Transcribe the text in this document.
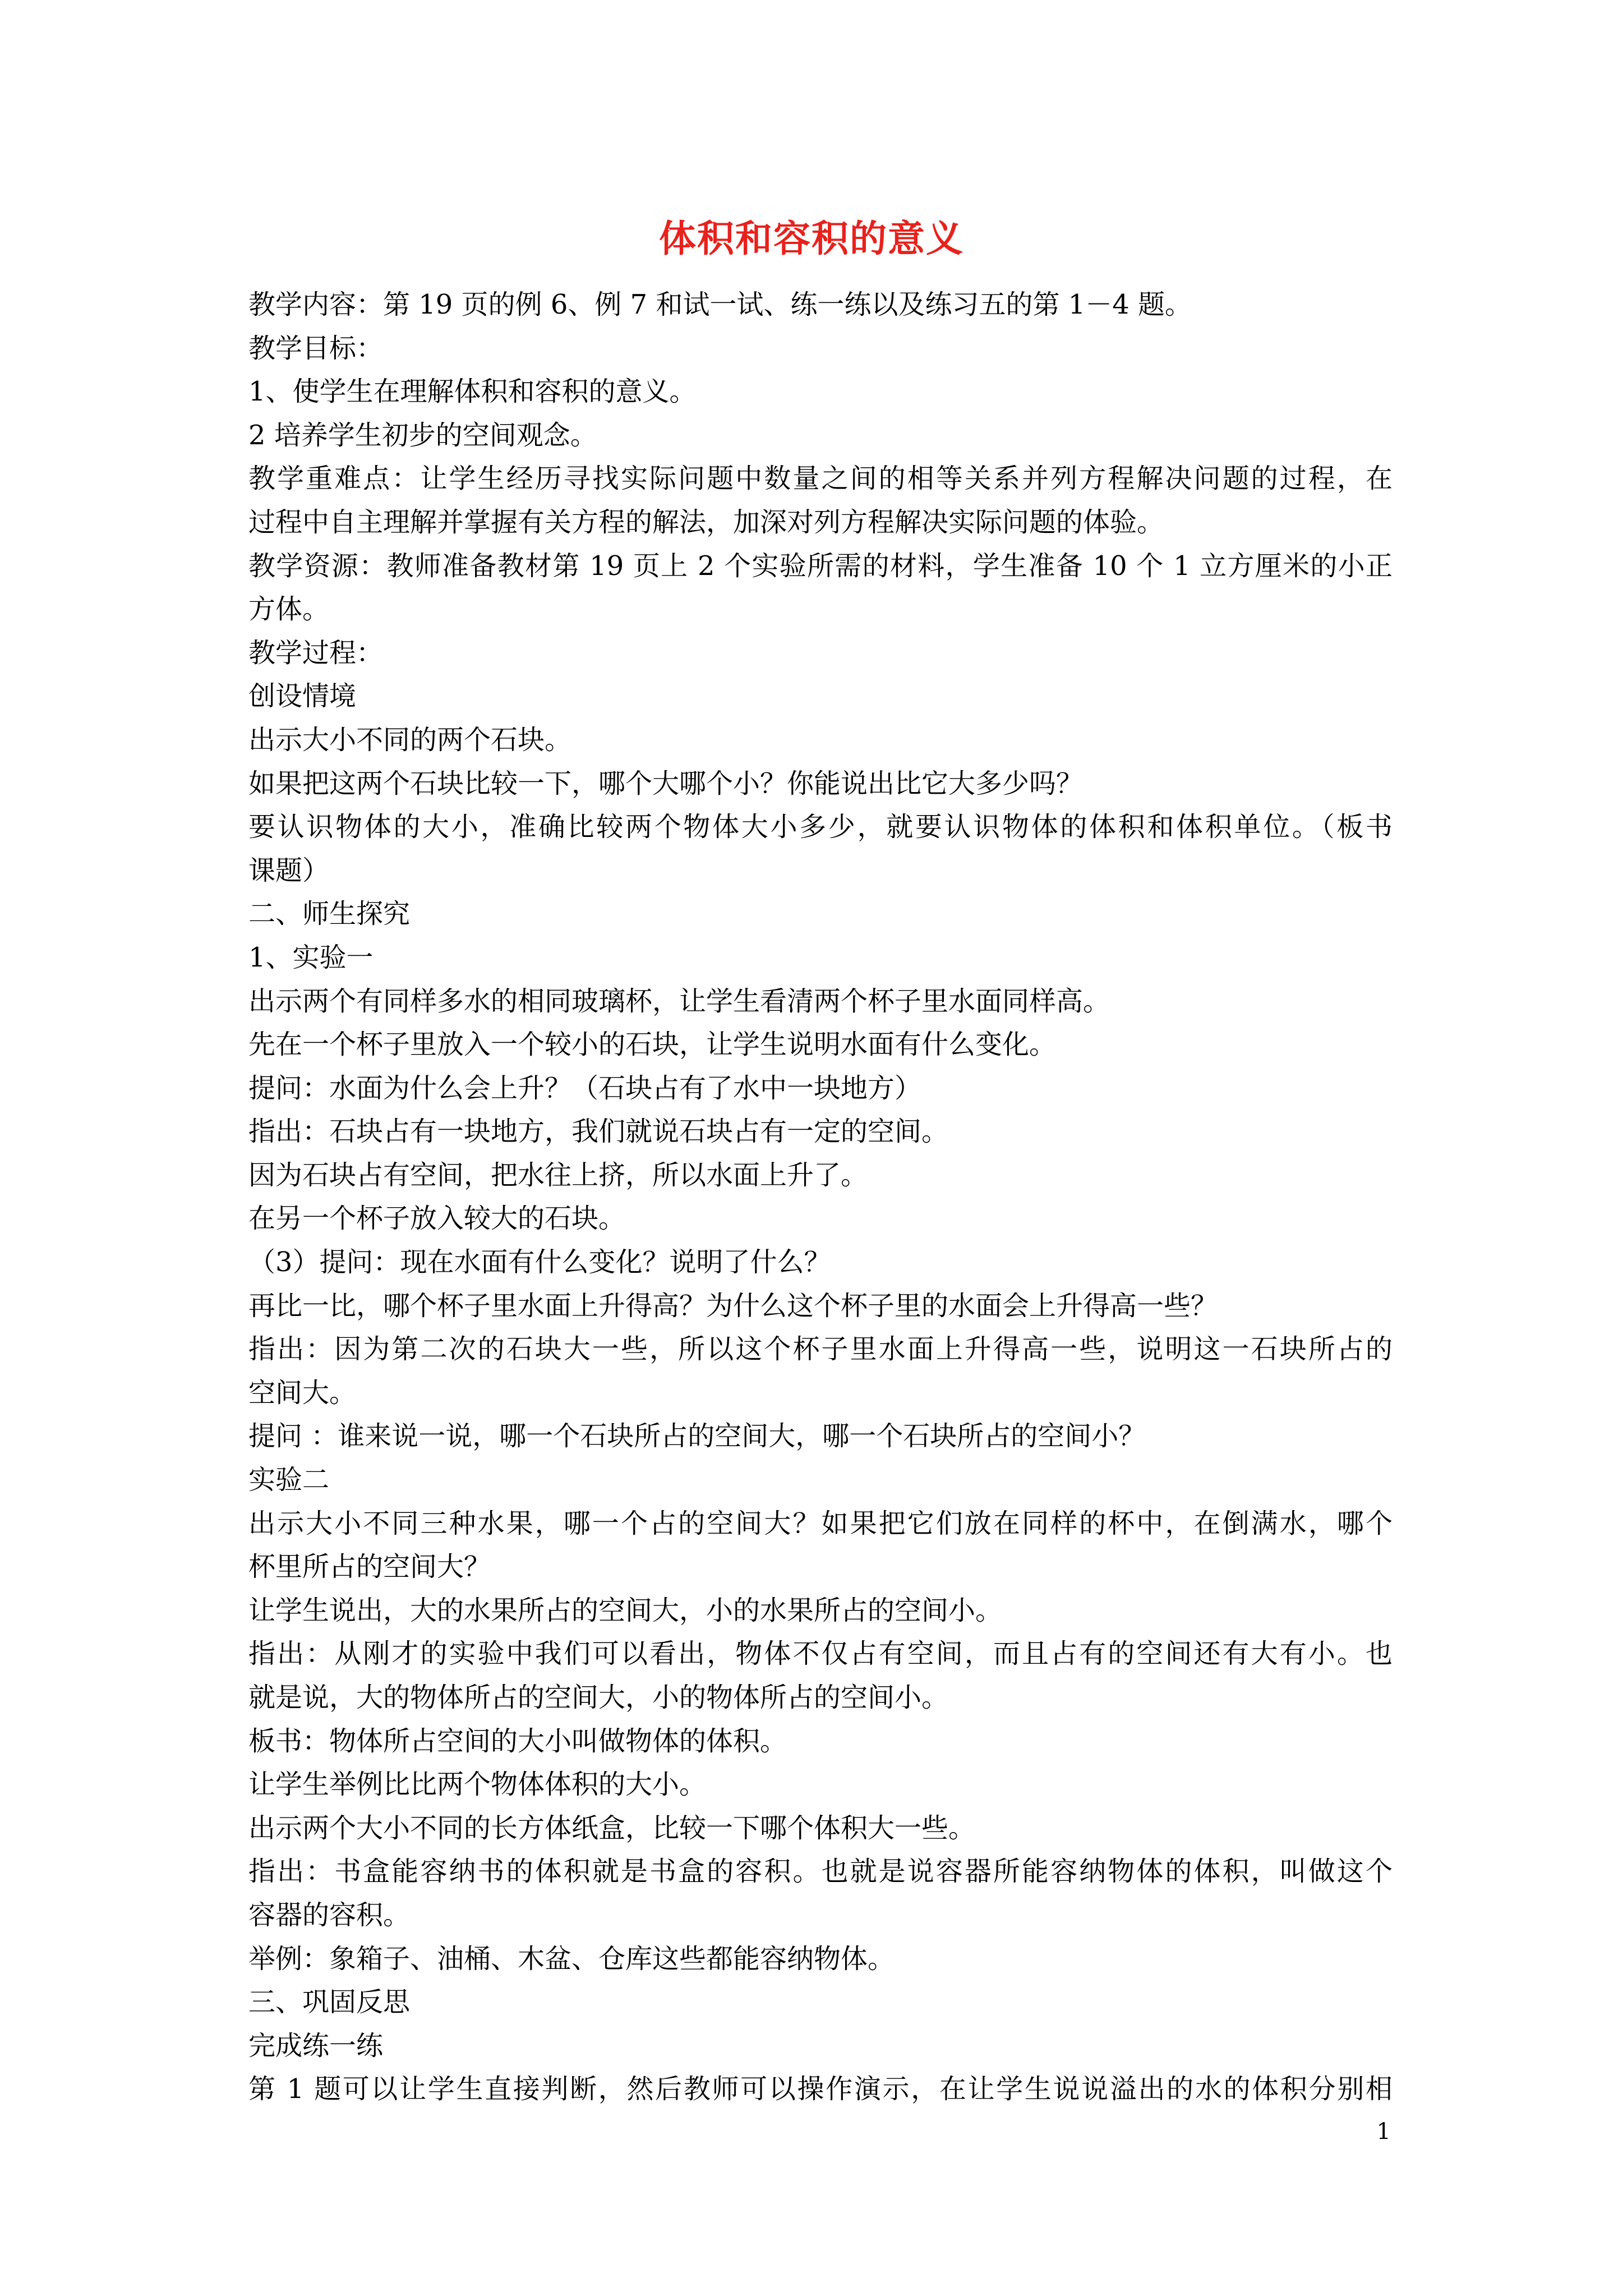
体积和容积的意义
教学内容：第 19 页的例 6、例 7 和试一试、练一练以及练习五的第 1－4 题。
教学目标：
1、使学生在理解体积和容积的意义。
2 培养学生初步的空间观念。
教学重难点：让学生经历寻找实际问题中数量之间的相等关系并列方程解决问题的过程，在
过程中自主理解并掌握有关方程的解法，加深对列方程解决实际问题的体验。
教学资源：教师准备教材第 19 页上 2 个实验所需的材料，学生准备 10 个 1 立方厘米的小正
方体。
教学过程：
创设情境
出示大小不同的两个石块。
如果把这两个石块比较一下，哪个大哪个小？你能说出比它大多少吗？
要认识物体的大小，准确比较两个物体大小多少，就要认识物体的体积和体积单位。（板书
课题）
二、师生探究
1、实验一
出示两个有同样多水的相同玻璃杯，让学生看清两个杯子里水面同样高。
先在一个杯子里放入一个较小的石块，让学生说明水面有什么变化。
提问：水面为什么会上升？（石块占有了水中一块地方）
指出：石块占有一块地方，我们就说石块占有一定的空间。
因为石块占有空间，把水往上挤，所以水面上升了。
在另一个杯子放入较大的石块。
（3）提问：现在水面有什么变化？说明了什么？
再比一比，哪个杯子里水面上升得高？为什么这个杯子里的水面会上升得高一些？
指出：因为第二次的石块大一些，所以这个杯子里水面上升得高一些，说明这一石块所占的
空间大。
提问 ：谁来说一说，哪一个石块所占的空间大，哪一个石块所占的空间小？
实验二
出示大小不同三种水果，哪一个占的空间大？如果把它们放在同样的杯中，在倒满水，哪个
杯里所占的空间大？
让学生说出，大的水果所占的空间大，小的水果所占的空间小。
指出：从刚才的实验中我们可以看出，物体不仅占有空间，而且占有的空间还有大有小。也
就是说，大的物体所占的空间大，小的物体所占的空间小。
板书：物体所占空间的大小叫做物体的体积。
让学生举例比比两个物体体积的大小。
出示两个大小不同的长方体纸盒，比较一下哪个体积大一些。
指出：书盒能容纳书的体积就是书盒的容积。也就是说容器所能容纳物体的体积，叫做这个
容器的容积。
举例：象箱子、油桶、木盆、仓库这些都能容纳物体。
三、巩固反思
完成练一练
第 1 题可以让学生直接判断，然后教师可以操作演示，在让学生说说溢出的水的体积分别相
1
